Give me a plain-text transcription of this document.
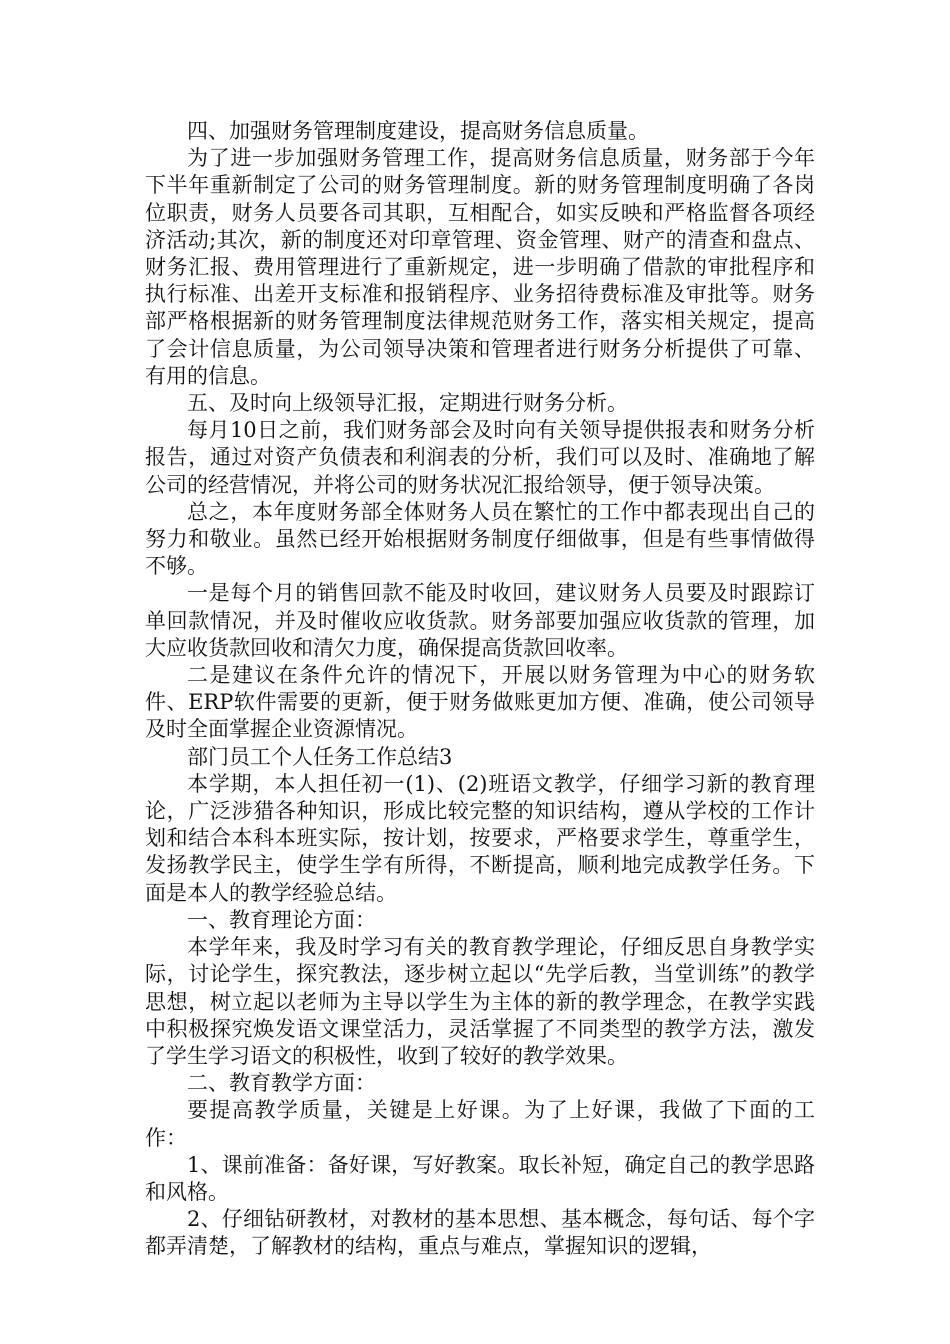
四、加强财务管理制度建设，提高财务信息质量。

为了进一步加强财务管理工作，提高财务信息质量，财务部于今年下半年重新制定了公司的财务管理制度。新的财务管理制度明确了各岗位职责，财务人员要各司其职，互相配合，如实反映和严格监督各项经济活动;其次，新的制度还对印章管理、资金管理、财产的清查和盘点、财务汇报、费用管理进行了重新规定，进一步明确了借款的审批程序和执行标准、出差开支标准和报销程序、业务招待费标准及审批等。财务部严格根据新的财务管理制度法律规范财务工作，落实相关规定，提高了会计信息质量，为公司领导决策和管理者进行财务分析提供了可靠、有用的信息。

五、及时向上级领导汇报，定期进行财务分析。

每月10日之前，我们财务部会及时向有关领导提供报表和财务分析报告，通过对资产负债表和利润表的分析，我们可以及时、准确地了解公司的经营情况，并将公司的财务状况汇报给领导，便于领导决策。

总之，本年度财务部全体财务人员在繁忙的工作中都表现出自己的努力和敬业。虽然已经开始根据财务制度仔细做事，但是有些事情做得不够。

一是每个月的销售回款不能及时收回，建议财务人员要及时跟踪订单回款情况，并及时催收应收货款。财务部要加强应收货款的管理，加大应收货款回收和清欠力度，确保提高货款回收率。

二是建议在条件允许的情况下，开展以财务管理为中心的财务软件、ERP软件需要的更新，便于财务做账更加方便、准确，使公司领导及时全面掌握企业资源情况。

部门员工个人任务工作总结3

本学期，本人担任初一(1)、(2)班语文教学，仔细学习新的教育理论，广泛涉猎各种知识，形成比较完整的知识结构，遵从学校的工作计划和结合本科本班实际，按计划，按要求，严格要求学生，尊重学生，发扬教学民主，使学生学有所得，不断提高，顺利地完成教学任务。下面是本人的教学经验总结。

一、教育理论方面：

本学年来，我及时学习有关的教育教学理论，仔细反思自身教学实际，讨论学生，探究教法，逐步树立起以“先学后教，当堂训练”的教学思想，树立起以老师为主导以学生为主体的新的教学理念，在教学实践中积极探究焕发语文课堂活力，灵活掌握了不同类型的教学方法，激发了学生学习语文的积极性，收到了较好的教学效果。

二、教育教学方面：

要提高教学质量，关键是上好课。为了上好课，我做了下面的工作：

1、课前准备：备好课，写好教案。取长补短，确定自己的教学思路和风格。

2、仔细钻研教材，对教材的基本思想、基本概念，每句话、每个字都弄清楚，了解教材的结构，重点与难点，掌握知识的逻辑，
